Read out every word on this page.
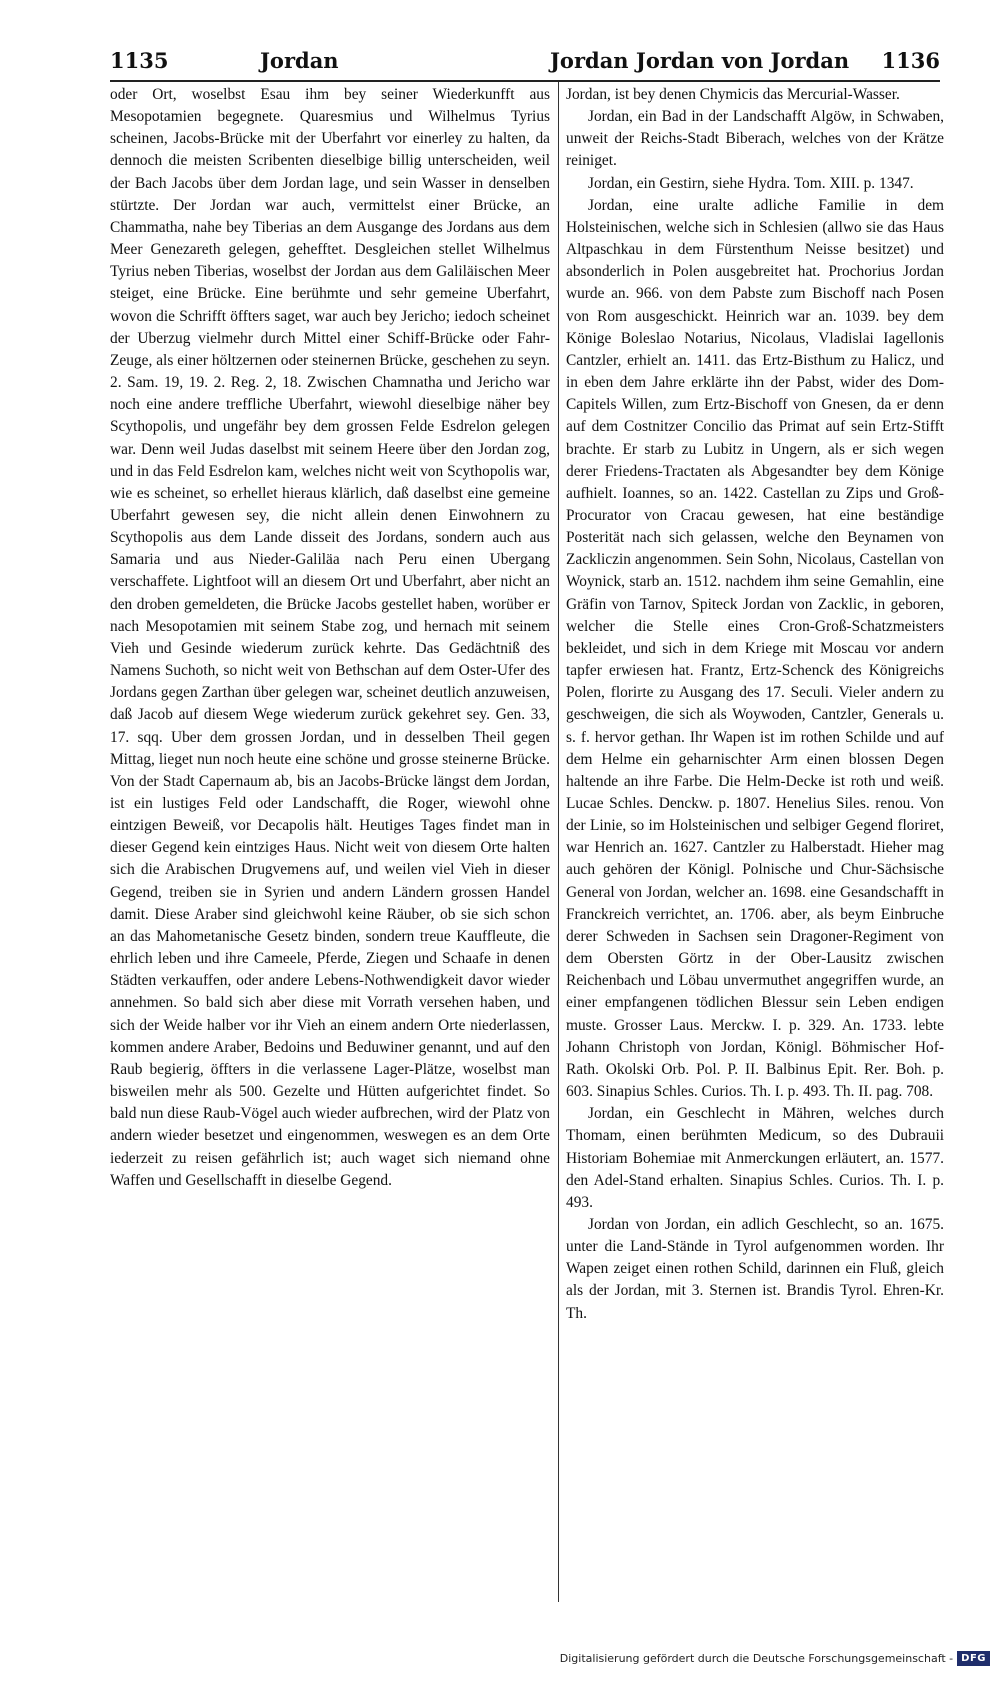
1135	Jordan	Jordan Jordan von Jordan 1136

oder Ort, woselbst Esau ihm bey seiner Wiederkunfft aus Mesopotamien begegnete. Quaresmius und Wilhelmus Tyrius scheinen, Jacobs-Brücke mit der Uberfahrt vor einerley zu halten, da dennoch die meisten Scribenten dieselbige billig unterscheiden, weil der Bach Jacobs über dem Jordan lage, und sein Wasser in denselben stürtzte. Der Jordan war auch, vermittelst einer Brücke, an Chammatha, nahe bey Tiberias an dem Ausgange des Jordans aus dem Meer Genezareth gelegen, gehefftet. Desgleichen stellet Wilhelmus Tyrius neben Tiberias, woselbst der Jordan aus dem Galiläischen Meer steiget, eine Brücke. Eine berühmte und sehr gemeine Uberfahrt, wovon die Schrifft öffters saget, war auch bey Jericho; iedoch scheinet der Uberzug vielmehr durch Mittel einer Schiff-Brücke oder Fahr-Zeuge, als einer höltzernen oder steinernen Brücke, geschehen zu seyn. 2. Sam. 19, 19. 2. Reg. 2, 18. Zwischen Chamnatha und Jericho war noch eine andere treffliche Uberfahrt, wiewohl dieselbige näher bey Scythopolis, und ungefähr bey dem grossen Felde Esdrelon gelegen war. Denn weil Judas daselbst mit seinem Heere über den Jordan zog, und in das Feld Esdrelon kam, welches nicht weit von Scythopolis war, wie es scheinet, so erhellet hieraus klärlich, daß daselbst eine gemeine Uberfahrt gewesen sey, die nicht allein denen Einwohnern zu Scythopolis aus dem Lande disseit des Jordans, sondern auch aus Samaria und aus Nieder-Galiläa nach Peru einen Ubergang verschaffete. Lightfoot will an diesem Ort und Uberfahrt, aber nicht an den droben gemeldeten, die Brücke Jacobs gestellet haben, worüber er nach Mesopotamien mit seinem Stabe zog, und hernach mit seinem Vieh und Gesinde wiederum zurück kehrte. Das Gedächtniß des Namens Suchoth, so nicht weit von Bethschan auf dem Oster-Ufer des Jordans gegen Zarthan über gelegen war, scheinet deutlich anzuweisen, daß Jacob auf diesem Wege wiederum zurück gekehret sey. Gen. 33, 17. sqq. Uber dem grossen Jordan, und in desselben Theil gegen Mittag, lieget nun noch heute eine schöne und grosse steinerne Brücke. Von der Stadt Capernaum ab, bis an Jacobs-Brücke längst dem Jordan, ist ein lustiges Feld oder Landschafft, die Roger, wiewohl ohne eintzigen Beweiß, vor Decapolis hält. Heutiges Tages findet man in dieser Gegend kein eintziges Haus. Nicht weit von diesem Orte halten sich die Arabischen Drugvemens auf, und weilen viel Vieh in dieser Gegend, treiben sie in Syrien und andern Ländern grossen Handel damit. Diese Araber sind gleichwohl keine Räuber, ob sie sich schon an das Mahometanische Gesetz binden, sondern treue Kauffleute, die ehrlich leben und ihre Cameele, Pferde, Ziegen und Schaafe in denen Städten verkauffen, oder andere Lebens-Nothwendigkeit davor wieder annehmen. So bald sich aber diese mit Vorrath versehen haben, und sich der Weide halber vor ihr Vieh an einem andern Orte niederlassen, kommen andere Araber, Bedoins und Beduwiner genannt, und auf den Raub begierig, öffters in die verlassene Lager-Plätze, woselbst man bisweilen mehr als 500. Gezelte und Hütten aufgerichtet findet. So bald nun diese Raub-Vögel auch wieder aufbrechen, wird der Platz von andern wieder besetzet und eingenommen, weswegen es an dem Orte iederzeit zu reisen gefährlich ist; auch waget sich niemand ohne Waffen und Gesellschafft in dieselbe Gegend.

Jordan, ist bey denen Chymicis das Mercurial-Wasser.

Jordan, ein Bad in der Landschafft Algöw, in Schwaben, unweit der Reichs-Stadt Biberach, welches von der Krätze reiniget.

Jordan, ein Gestirn, siehe Hydra. Tom. XIII. p. 1347.

Jordan, eine uralte adliche Familie in dem Holsteinischen, welche sich in Schlesien (allwo sie das Haus Altpaschkau in dem Fürstenthum Neisse besitzet) und absonderlich in Polen ausgebreitet hat. Prochorius Jordan wurde an. 966. von dem Pabste zum Bischoff nach Posen von Rom ausgeschickt. Heinrich war an. 1039. bey dem Könige Boleslao Notarius, Nicolaus, Vladislai Iagellonis Cantzler, erhielt an. 1411. das Ertz-Bisthum zu Halicz, und in eben dem Jahre erklärte ihn der Pabst, wider des Dom-Capitels Willen, zum Ertz-Bischoff von Gnesen, da er denn auf dem Costnitzer Concilio das Primat auf sein Ertz-Stifft brachte. Er starb zu Lubitz in Ungern, als er sich wegen derer Friedens-Tractaten als Abgesandter bey dem Könige aufhielt. Ioannes, so an. 1422. Castellan zu Zips und Groß-Procurator von Cracau gewesen, hat eine beständige Posterität nach sich gelassen, welche den Beynamen von Zackliczin angenommen. Sein Sohn, Nicolaus, Castellan von Woynick, starb an. 1512. nachdem ihm seine Gemahlin, eine Gräfin von Tarnov, Spiteck Jordan von Zacklic, in geboren, welcher die Stelle eines Cron-Groß-Schatzmeisters bekleidet, und sich in dem Kriege mit Moscau vor andern tapfer erwiesen hat. Frantz, Ertz-Schenck des Königreichs Polen, florirte zu Ausgang des 17. Seculi. Vieler andern zu geschweigen, die sich als Woywoden, Cantzler, Generals u. s. f. hervor gethan. Ihr Wapen ist im rothen Schilde und auf dem Helme ein geharnischter Arm einen blossen Degen haltende an ihre Farbe. Die Helm-Decke ist roth und weiß. Lucae Schles. Denckw. p. 1807. Henelius Siles. renou. Von der Linie, so im Holsteinischen und selbiger Gegend floriret, war Henrich an. 1627. Cantzler zu Halberstadt. Hieher mag auch gehören der Königl. Polnische und Chur-Sächsische General von Jordan, welcher an. 1698. eine Gesandschafft in Franckreich verrichtet, an. 1706. aber, als beym Einbruche derer Schweden in Sachsen sein Dragoner-Regiment von dem Obersten Görtz in der Ober-Lausitz zwischen Reichenbach und Löbau unvermuthet angegriffen wurde, an einer empfangenen tödlichen Blessur sein Leben endigen muste. Grosser Laus. Merckw. I. p. 329. An. 1733. lebte Johann Christoph von Jordan, Königl. Böhmischer Hof-Rath. Okolski Orb. Pol. P. II. Balbinus Epit. Rer. Boh. p. 603. Sinapius Schles. Curios. Th. I. p. 493. Th. II. pag. 708.

Jordan, ein Geschlecht in Mähren, welches durch Thomam, einen berühmten Medicum, so des Dubrauii Historiam Bohemiae mit Anmerckungen erläutert, an. 1577. den Adel-Stand erhalten. Sinapius Schles. Curios. Th. I. p. 493.

Jordan von Jordan, ein adlich Geschlecht, so an. 1675. unter die Land-Stände in Tyrol aufgenommen worden. Ihr Wapen zeiget einen rothen Schild, darinnen ein Fluß, gleich als der Jordan, mit 3. Sternen ist. Brandis Tyrol. Ehren-Kr. Th.

Digitalisierung gefördert durch die Deutsche Forschungsgemeinschaft - DFG
